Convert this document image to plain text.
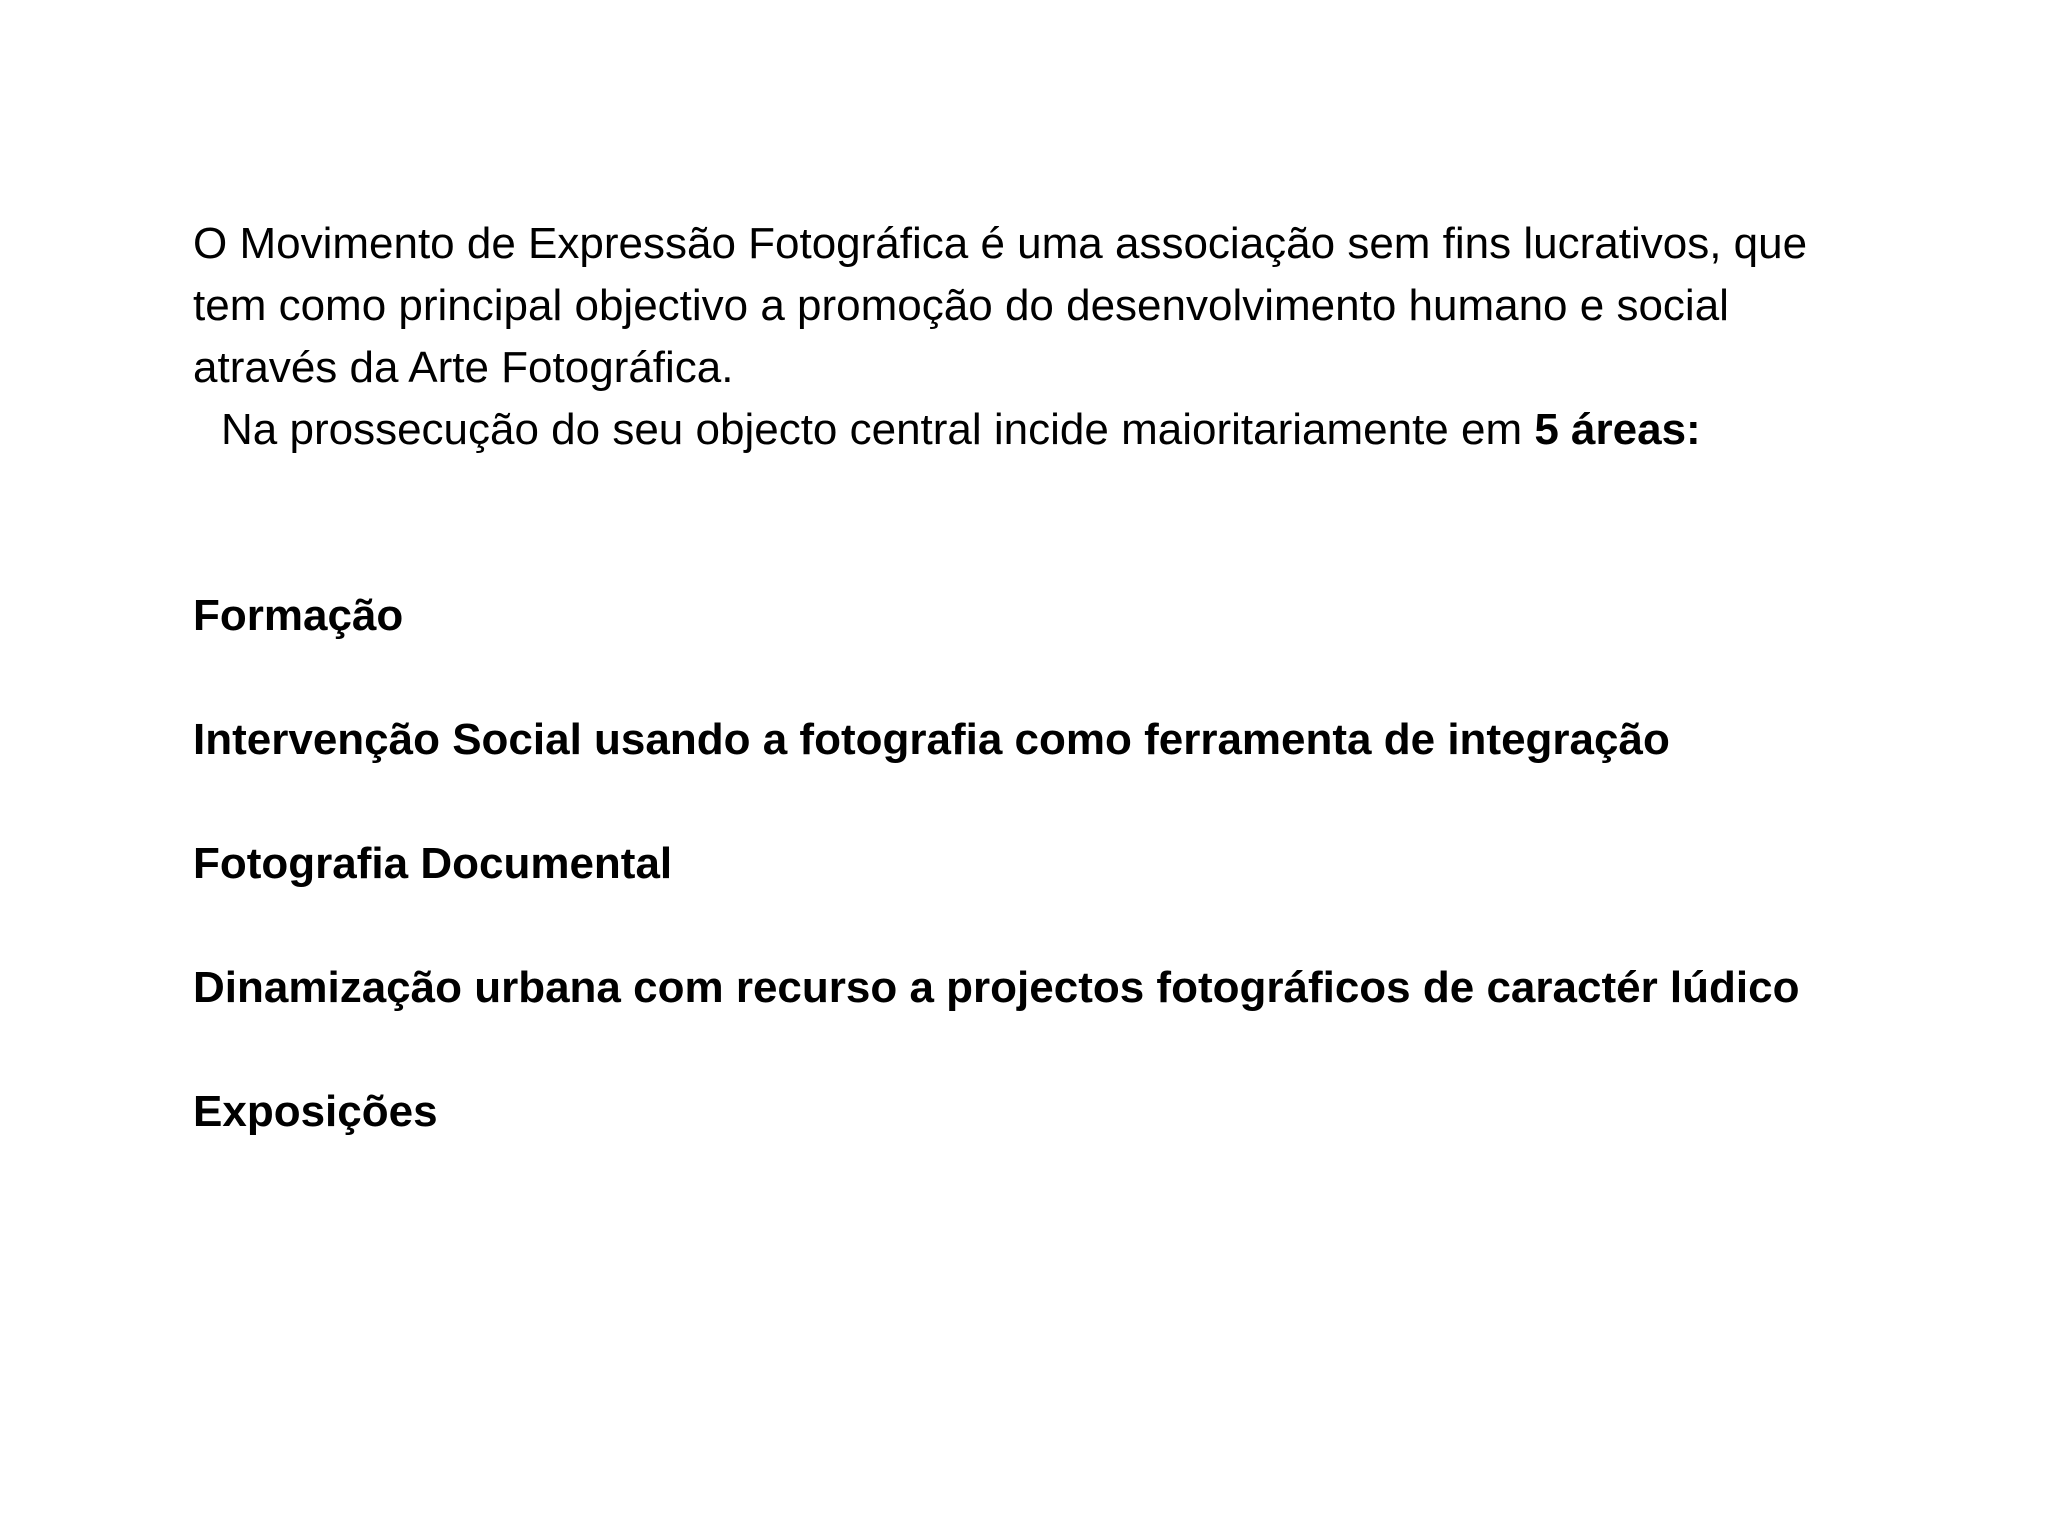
O Movimento de Expressão Fotográfica é uma associação sem fins lucrativos, que
tem como principal objectivo a promoção do desenvolvimento humano e social
através da Arte Fotográfica.
Na prossecução do seu objecto central incide maioritariamente em 5 áreas:
Formação
Intervenção Social usando a fotografia como ferramenta de integração
Fotografia Documental
Dinamização urbana com recurso a projectos fotográficos de caractér lúdico
Exposições
